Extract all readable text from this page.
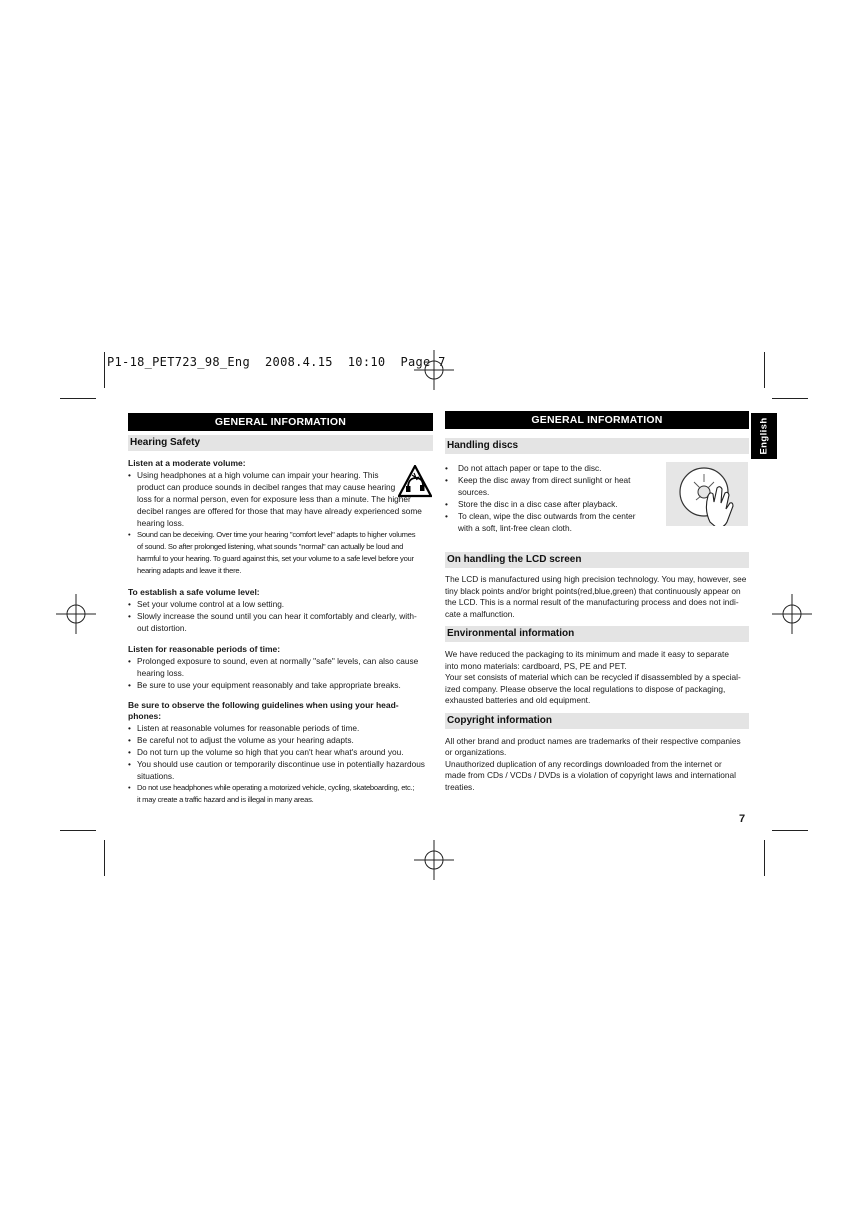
P1-18_PET723_98_Eng  2008.4.15  10:10  Page 7
GENERAL INFORMATION
Hearing Safety
Listen at a moderate volume:
• Using headphones at a high volume can impair your hearing. This
product can produce sounds in decibel ranges that may cause hearing
loss for a normal person, even for exposure less than a minute. The higher
decibel ranges are offered for those that may have already experienced some
hearing loss.
• Sound can be deceiving. Over time your hearing "comfort level" adapts to higher volumes
of sound. So after prolonged listening, what sounds "normal" can actually be loud and
harmful to your hearing. To guard against this, set your volume to a safe level before your
hearing adapts and leave it there.
To establish a safe volume level:
• Set your volume control at a low setting.
• Slowly increase the sound until you can hear it comfortably and clearly, with-
out distortion.
Listen for reasonable periods of time:
• Prolonged exposure to sound, even at normally "safe" levels, can also cause
hearing loss.
• Be sure to use your equipment reasonably and take appropriate breaks.
Be sure to observe the following guidelines when using your head-
phones:
• Listen at reasonable volumes for reasonable periods of time.
• Be careful not to adjust the volume as your hearing adapts.
• Do not turn up the volume so high that you can't hear what's around you.
• You should use caution or temporarily discontinue use in potentially hazardous
situations.
• Do not use headphones while operating a motorized vehicle, cycling, skateboarding, etc.;
it may create a traffic hazard and is illegal in many areas.
GENERAL INFORMATION
Handling discs
• Do not attach paper or tape to the disc.
• Keep the disc away from direct sunlight or heat
sources.
• Store the disc in a disc case after playback.
• To clean, wipe the disc outwards from the center
with a soft, lint-free clean cloth.
On handling the LCD screen
The LCD is manufactured using high precision technology. You may, however, see
tiny black points and/or bright points(red,blue,green) that continuously appear on
the LCD. This is a normal result of the manufacturing process and does not indi-
cate a malfunction.
Environmental information
We have reduced the packaging to its minimum and made it easy to separate
into mono materials: cardboard, PS, PE and PET.
Your set consists of material which can be recycled if disassembled by a special-
ized company. Please observe the local regulations to dispose of packaging,
exhausted batteries and old equipment.
Copyright information
All other brand and product names are trademarks of their respective companies
or organizations.
Unauthorized duplication of any recordings downloaded from the internet or
made from CDs / VCDs / DVDs is a violation of copyright laws and international
treaties.
English
7
